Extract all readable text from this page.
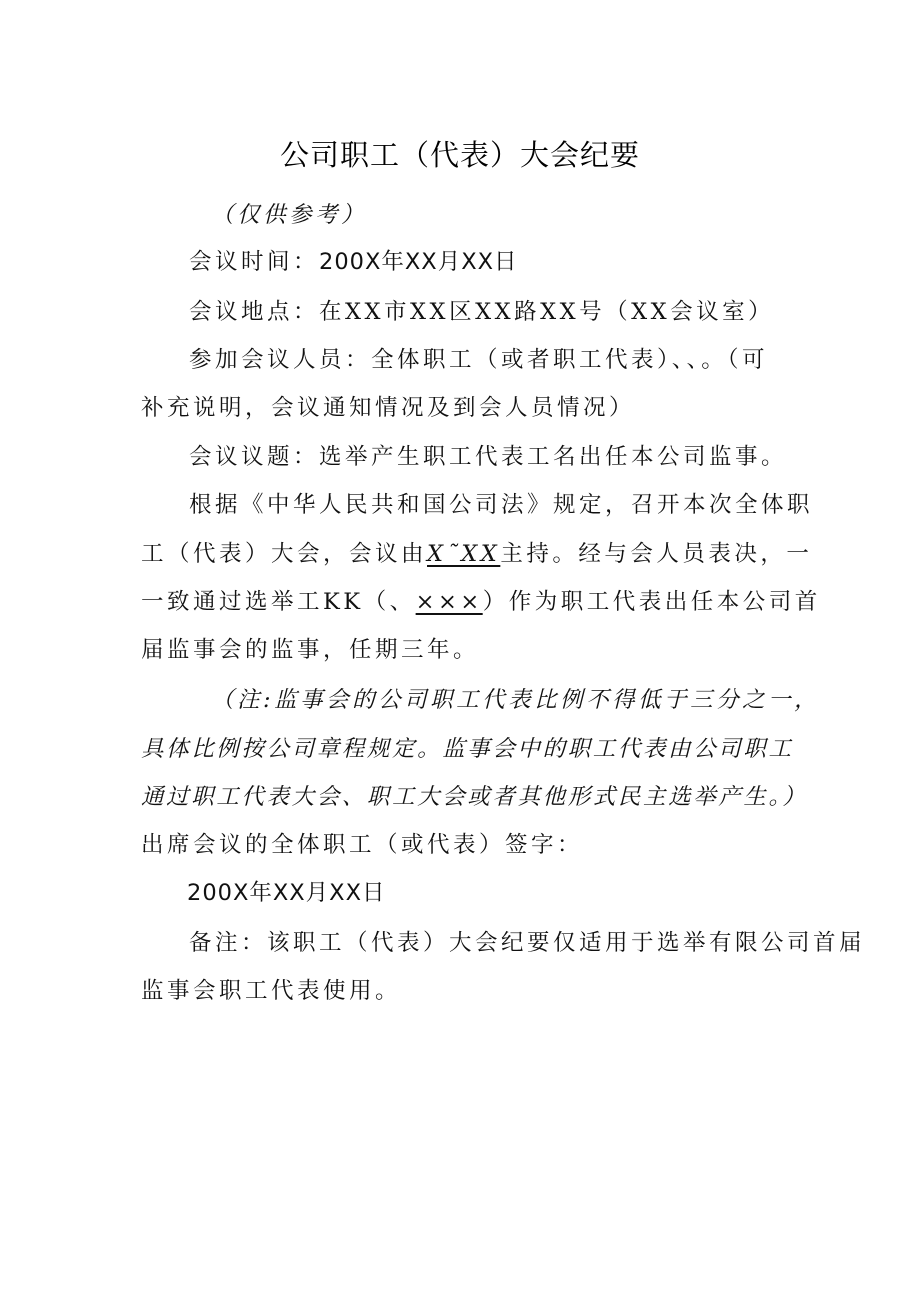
公司职工（代表）大会纪要
（仅供参考）
会议时间：200X年XX月XX日
会议地点：在XX市XX区XX路XX号（XX会议室）
参加会议人员：全体职工（或者职工代表）、、。（可
补充说明，会议通知情况及到会人员情况）
会议议题：选举产生职工代表工名出任本公司监事。
根据《中华人民共和国公司法》规定，召开本次全体职
工（代表）大会，会议由X˜XX主持。经与会人员表决，一
一致通过选举工KK（、×××）作为职工代表出任本公司首
届监事会的监事，任期三年。
（注:监事会的公司职工代表比例不得低于三分之一，
具体比例按公司章程规定。监事会中的职工代表由公司职工
通过职工代表大会、职工大会或者其他形式民主选举产生。）
出席会议的全体职工（或代表）签字：
200X年XX月XX日
备注：该职工（代表）大会纪要仅适用于选举有限公司首届
监事会职工代表使用。
